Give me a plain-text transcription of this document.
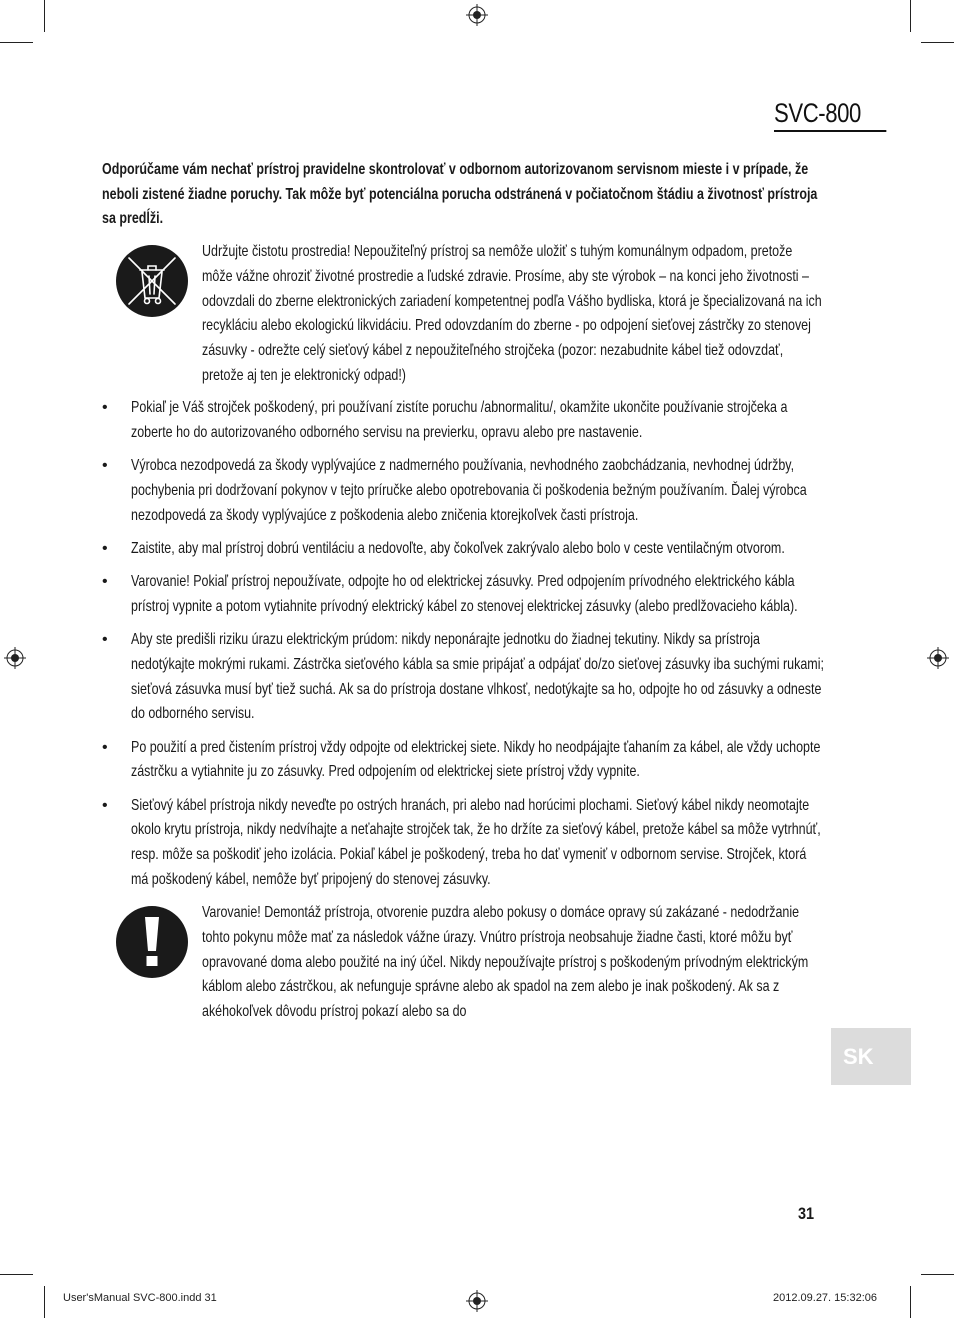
SVC-800

Odporúčame vám nechať prístroj pravidelne skontrolovať v odbornom autorizovanom servisnom mieste i v prípade, že neboli zistené žiadne poruchy. Tak môže byť potenciálna porucha odstránená v počiatočnom štádiu a životnosť prístroja sa predĺži.

Udržujte čistotu prostredia! Nepoužiteľný prístroj sa nemôže uložiť s tuhým komunálnym odpadom, pretože môže vážne ohroziť životné prostredie a ľudské zdravie. Prosíme, aby ste výrobok – na konci jeho životnosti – odovzdali do zberne elektronických zariadení kompetentnej podľa Vášho bydliska, ktorá je špecializovaná na ich recykláciu alebo ekologickú likvidáciu. Pred odovzdaním do zberne - po odpojení sieťovej zástrčky zo stenovej zásuvky - odrežte celý sieťový kábel z nepoužiteľného strojčeka (pozor: nezabudnite kábel tiež odovzdať, pretože aj ten je elektronický odpad!)
• Pokiaľ je Váš strojček poškodený, pri používaní zistíte poruchu /abnormalitu/, okamžite ukončite používanie strojčeka a zoberte ho do autorizovaného odborného servisu na previerku, opravu alebo pre nastavenie.
• Výrobca nezodpovedá za škody vyplývajúce z nadmerného používania, nevhodného zaobchádzania, nevhodnej údržby, pochybenia pri dodržovaní pokynov v tejto príručke alebo opotrebovania či poškodenia bežným používaním. Ďalej výrobca nezodpovedá za škody vyplývajúce z poškodenia alebo zničenia ktorejkoľvek časti prístroja.
• Zaistite, aby mal prístroj dobrú ventiláciu a nedovoľte, aby čokoľvek zakrývalo alebo bolo v ceste ventilačným otvorom.
• Varovanie! Pokiaľ prístroj nepoužívate, odpojte ho od elektrickej zásuvky. Pred odpojením prívodného elektrického kábla prístroj vypnite a potom vytiahnite prívodný elektrický kábel zo stenovej elektrickej zásuvky (alebo predlžovacieho kábla).
• Aby ste predišli riziku úrazu elektrickým prúdom: nikdy neponárajte jednotku do žiadnej tekutiny. Nikdy sa prístroja nedotýkajte mokrými rukami. Zástrčka sieťového kábla sa smie pripájať a odpájať do/zo sieťovej zásuvky iba suchými rukami; sieťová zásuvka musí byť tiež suchá. Ak sa do prístroja dostane vlhkosť, nedotýkajte sa ho, odpojte ho od zásuvky a odneste do odborného servisu.
• Po použití a pred čistením prístroj vždy odpojte od elektrickej siete. Nikdy ho neodpájajte ťahaním za kábel, ale vždy uchopte zástrčku a vytiahnite ju zo zásuvky. Pred odpojením od elektrickej siete prístroj vždy vypnite.
• Sieťový kábel prístroja nikdy neveďte po ostrých hranách, pri alebo nad horúcimi plochami. Sieťový kábel nikdy neomotajte okolo krytu prístroja, nikdy nedvíhajte a neťahajte strojček tak, že ho držíte za sieťový kábel, pretože kábel sa môže vytrhnúť, resp. môže sa poškodiť jeho izolácia. Pokiaľ kábel je poškodený, treba ho dať vymeniť v odbornom servise. Strojček, ktorá má poškodený kábel, nemôže byť pripojený do stenovej zásuvky.
Varovanie! Demontáž prístroja, otvorenie puzdra alebo pokusy o domáce opravy sú zakázané - nedodržanie tohto pokynu môže mať za následok vážne úrazy. Vnútro prístroja neobsahuje žiadne časti, ktoré môžu byť opravované doma alebo použité na iný účel. Nikdy nepoužívajte prístroj s poškodeným prívodným elektrickým káblom alebo zástrčkou, ak nefunguje správne alebo ak spadol na zem alebo je inak poškodený. Ak sa z akéhokoľvek dôvodu prístroj pokazí alebo sa do
SK
31
User'sManual SVC-800.indd 31	2012.09.27. 15:32:06
